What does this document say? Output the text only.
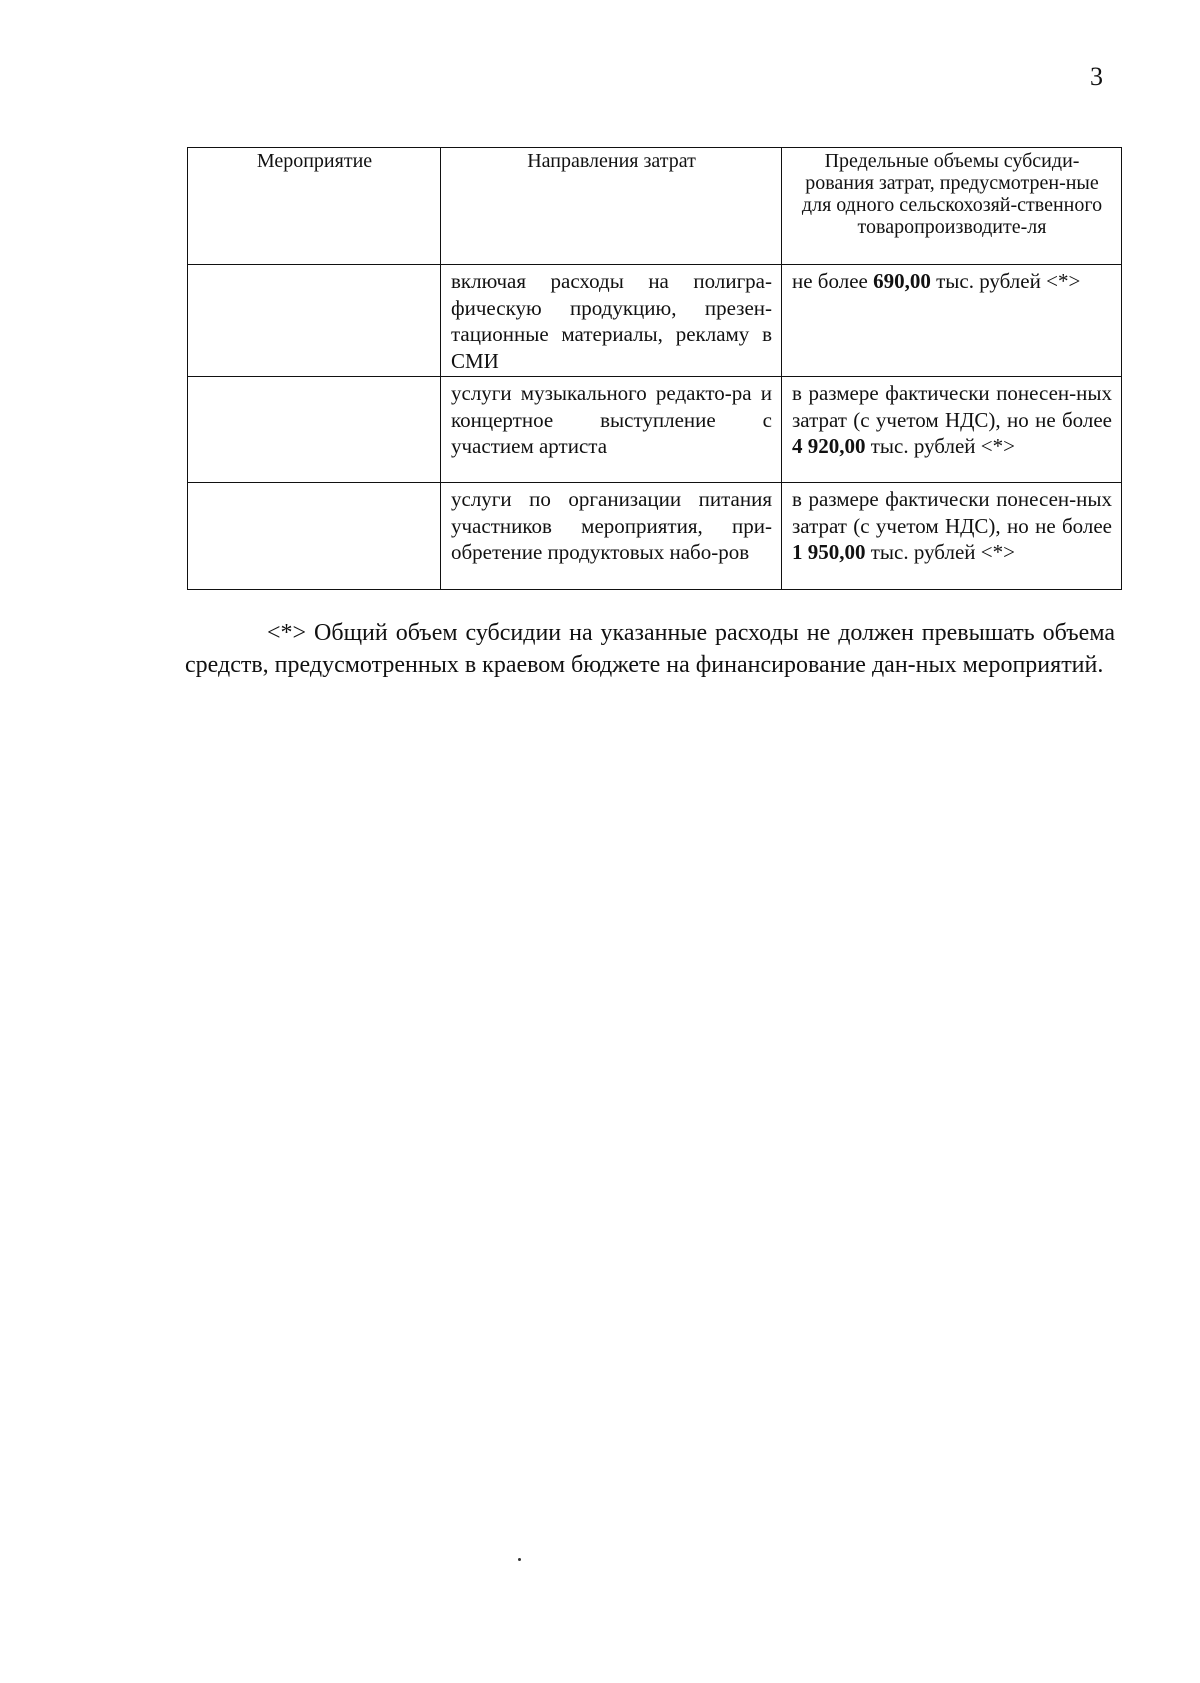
3
Мероприятие	Направления затрат	Предельные объемы субсиди-рования затрат, предусмотрен-ные для одного сельскохозяй-ственного товаропроизводите-ля
	включая расходы на полигра-фическую продукцию, презен-тационные материалы, рекламу в СМИ	не более 690,00 тыс. рублей <*>
	услуги музыкального редакто-ра и концертное выступление с участием артиста	в размере фактически понесен-ных затрат (с учетом НДС), но не более 4 920,00 тыс. рублей <*>
	услуги по организации питания участников мероприятия, при-обретение продуктовых набо-ров	в размере фактически понесен-ных затрат (с учетом НДС), но не более 1 950,00 тыс. рублей <*>

<*> Общий объем субсидии на указанные расходы не должен превышать объема средств, предусмотренных в краевом бюджете на финансирование дан-ных мероприятий.
